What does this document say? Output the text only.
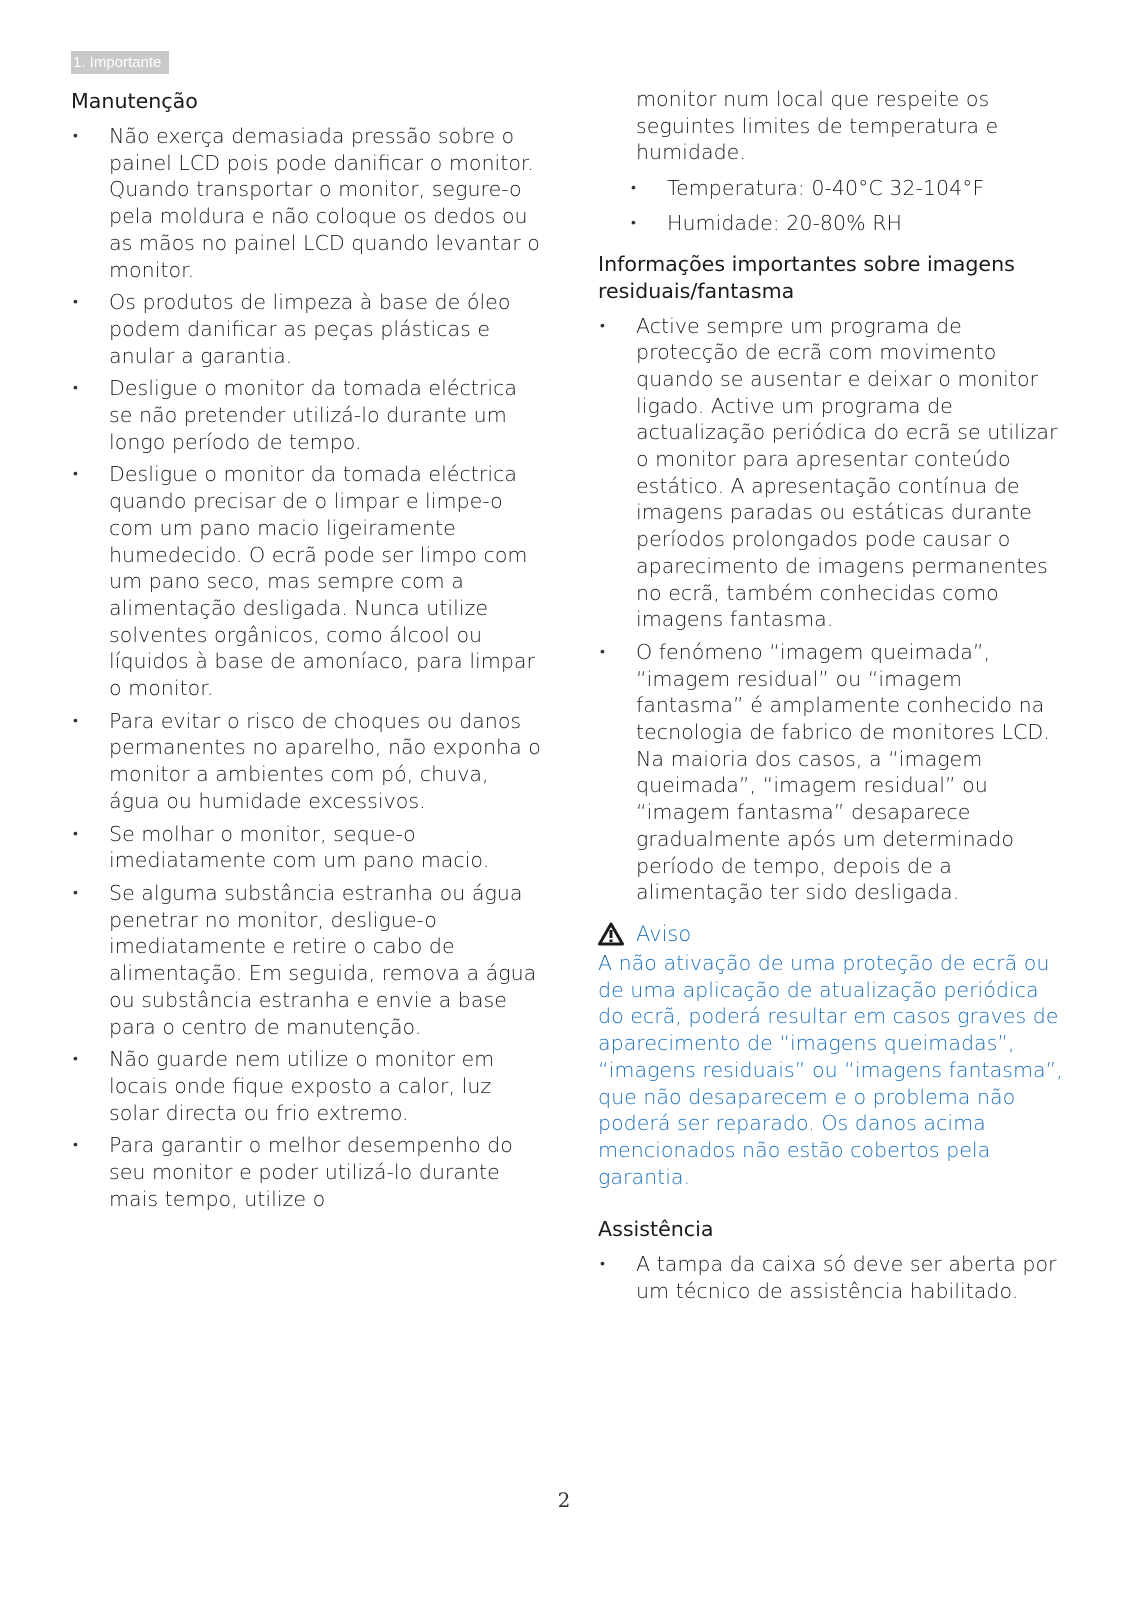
1. Importante
Manutenção
• Não exerça demasiada pressão sobre o painel LCD pois pode danificar o monitor. Quando transportar o monitor, segure-o pela moldura e não coloque os dedos ou as mãos no painel LCD quando levantar o monitor.
• Os produtos de limpeza à base de óleo podem danificar as peças plásticas e anular a garantia.
• Desligue o monitor da tomada eléctrica se não pretender utilizá-lo durante um longo período de tempo.
• Desligue o monitor da tomada eléctrica quando precisar de o limpar e limpe-o com um pano macio ligeiramente humedecido. O ecrã pode ser limpo com um pano seco, mas sempre com a alimentação desligada. Nunca utilize solventes orgânicos, como álcool ou líquidos à base de amoníaco, para limpar o monitor.
• Para evitar o risco de choques ou danos permanentes no aparelho, não exponha o monitor a ambientes com pó, chuva, água ou humidade excessivos.
• Se molhar o monitor, seque-o imediatamente com um pano macio.
• Se alguma substância estranha ou água penetrar no monitor, desligue-o imediatamente e retire o cabo de alimentação. Em seguida, remova a água ou substância estranha e envie a base para o centro de manutenção.
• Não guarde nem utilize o monitor em locais onde fique exposto a calor, luz solar directa ou frio extremo.
• Para garantir o melhor desempenho do seu monitor e poder utilizá-lo durante mais tempo, utilize o

monitor num local que respeite os seguintes limites de temperatura e humidade.

• Temperatura: 0-40°C 32-104°F
• Humidade: 20-80% RH
Informações importantes sobre imagens residuais/fantasma
• Active sempre um programa de protecção de ecrã com movimento quando se ausentar e deixar o monitor ligado. Active um programa de actualização periódica do ecrã se utilizar o monitor para apresentar conteúdo estático. A apresentação contínua de imagens paradas ou estáticas durante períodos prolongados pode causar o aparecimento de imagens permanentes no ecrã, também conhecidas como imagens fantasma.
• O fenómeno “imagem queimada”, “imagem residual” ou “imagem fantasma” é amplamente conhecido na tecnologia de fabrico de monitores LCD. Na maioria dos casos, a “imagem queimada”, “imagem residual” ou “imagem fantasma” desaparece gradualmente após um determinado período de tempo, depois de a alimentação ter sido desligada.
Aviso
A não ativação de uma proteção de ecrã ou de uma aplicação de atualização periódica do ecrã, poderá resultar em casos graves de aparecimento de “imagens queimadas”, “imagens residuais” ou “imagens fantasma”, que não desaparecem e o problema não poderá ser reparado. Os danos acima mencionados não estão cobertos pela garantia.
Assistência
• A tampa da caixa só deve ser aberta por um técnico de assistência habilitado.
2
